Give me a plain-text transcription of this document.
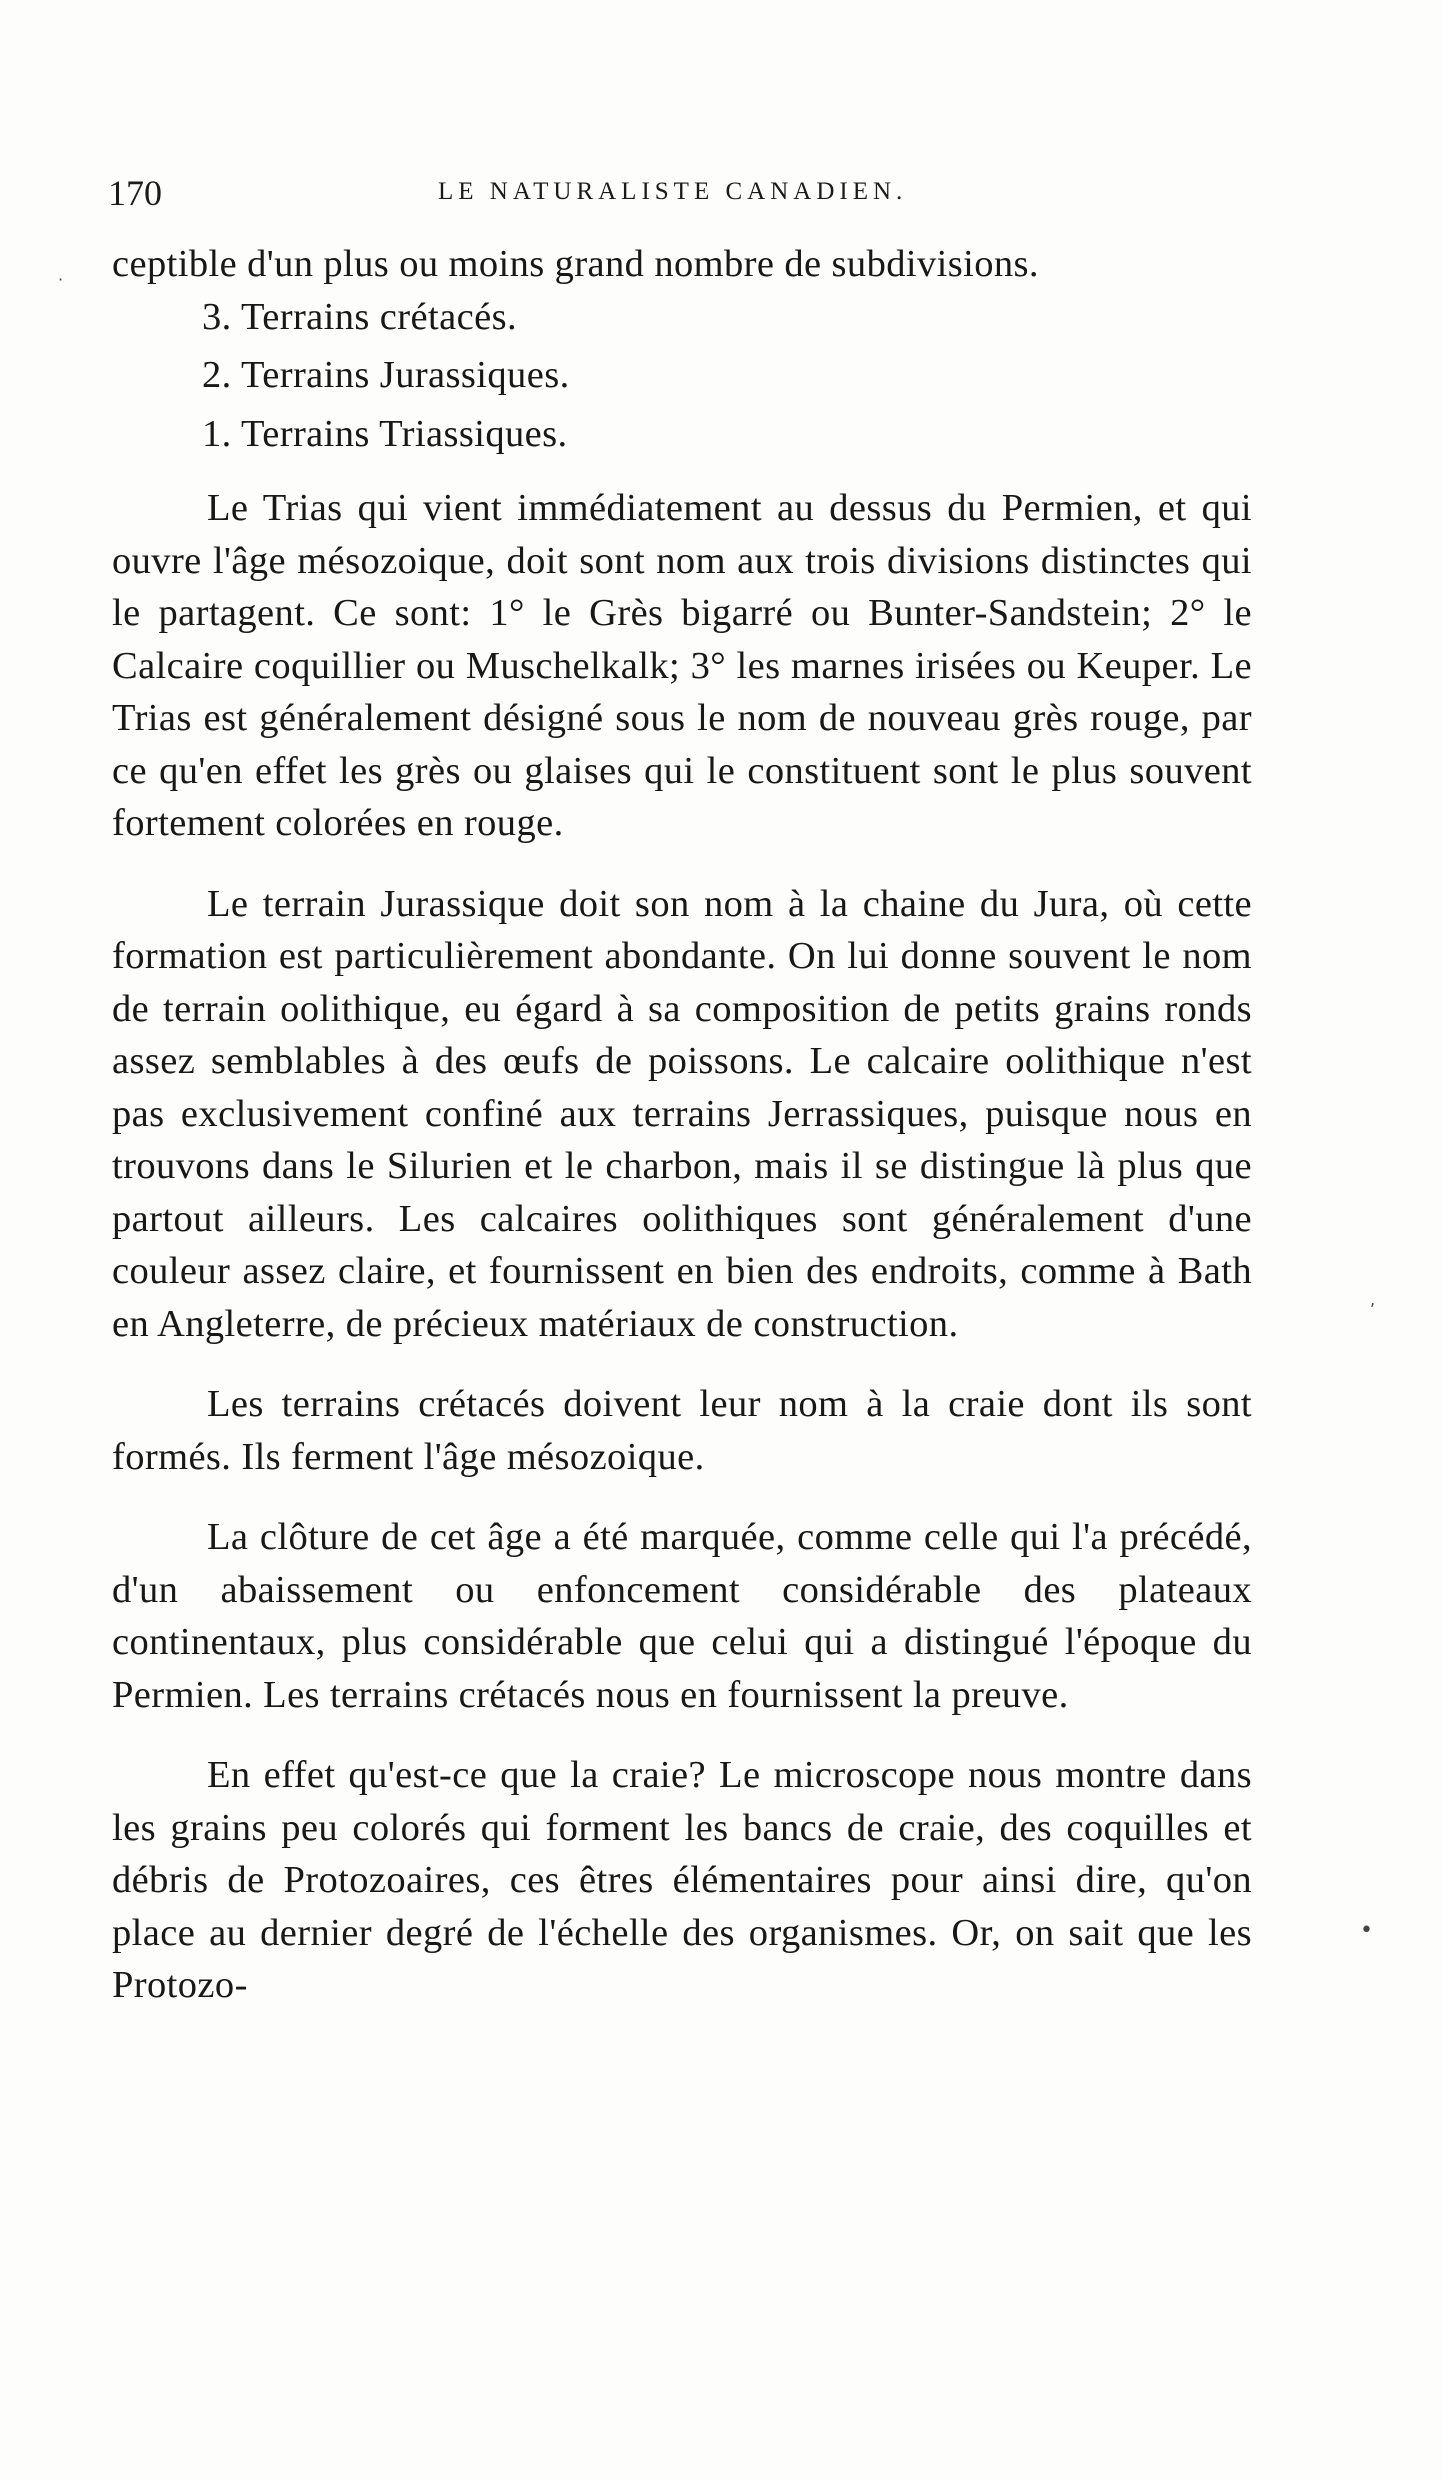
170	LE NATURALISTE CANADIEN.

ceptible d'un plus ou moins grand nombre de subdivisions.

3. Terrains crétacés.
2. Terrains Jurassiques.
1. Terrains Triassiques.

Le Trias qui vient immédiatement au dessus du Permien, et qui ouvre l'âge mésozoique, doit sont nom aux trois divisions distinctes qui le partagent. Ce sont: 1° le Grès bigarré ou Bunter-Sandstein; 2° le Calcaire coquillier ou Muschelkalk; 3° les marnes irisées ou Keuper. Le Trias est généralement désigné sous le nom de nouveau grès rouge, par ce qu'en effet les grès ou glaises qui le constituent sont le plus souvent fortement colorées en rouge.

Le terrain Jurassique doit son nom à la chaine du Jura, où cette formation est particulièrement abondante. On lui donne souvent le nom de terrain oolithique, eu égard à sa composition de petits grains ronds assez semblables à des œufs de poissons. Le calcaire oolithique n'est pas exclusivement confiné aux terrains Jerrassiques, puisque nous en trouvons dans le Silurien et le charbon, mais il se distingue là plus que partout ailleurs. Les calcaires oolithiques sont généralement d'une couleur assez claire, et fournissent en bien des endroits, comme à Bath en Angleterre, de précieux matériaux de construction.

Les terrains crétacés doivent leur nom à la craie dont ils sont formés. Ils ferment l'âge mésozoique.

La clôture de cet âge a été marquée, comme celle qui l'a précédé, d'un abaissement ou enfoncement considérable des plateaux continentaux, plus considérable que celui qui a distingué l'époque du Permien. Les terrains crétacés nous en fournissent la preuve.

En effet qu'est-ce que la craie? Le microscope nous montre dans les grains peu colorés qui forment les bancs de craie, des coquilles et débris de Protozoaires, ces êtres élémentaires pour ainsi dire, qu'on place au dernier degré de l'échelle des organismes. Or, on sait que les Protozo-

·
•
,
